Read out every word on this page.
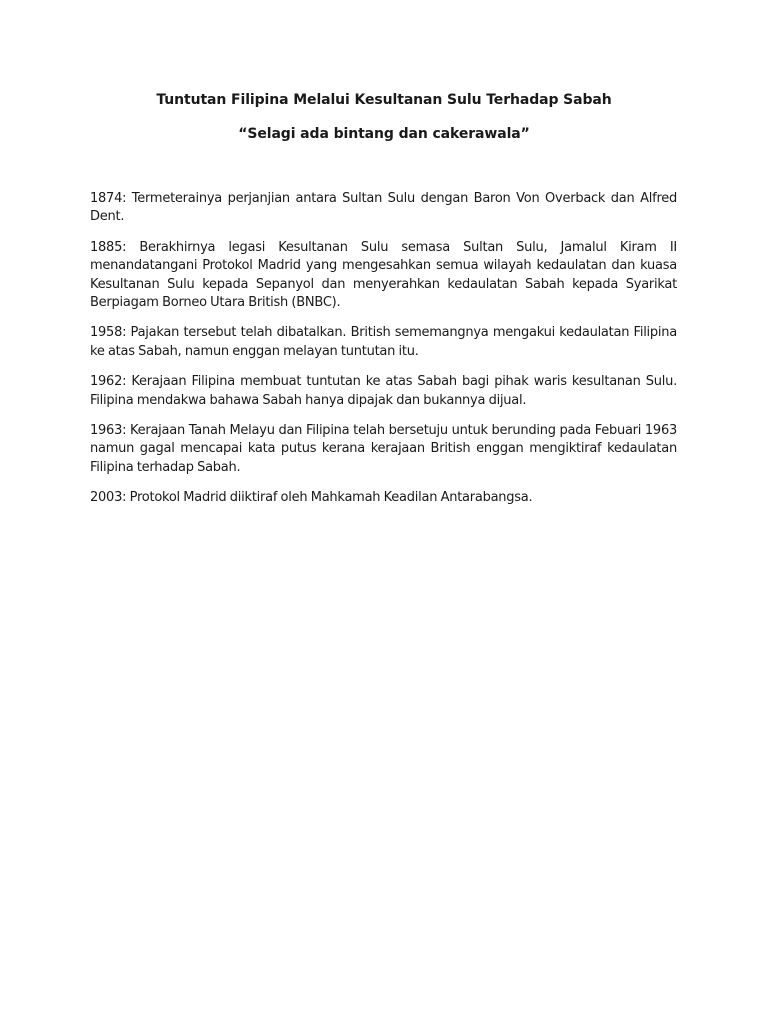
Tuntutan Filipina Melalui Kesultanan Sulu Terhadap Sabah
“Selagi ada bintang dan cakerawala”

1874: Termeterainya perjanjian antara Sultan Sulu dengan Baron Von Overback dan Alfred Dent.

1885: Berakhirnya legasi Kesultanan Sulu semasa Sultan Sulu, Jamalul Kiram II menandatangani Protokol Madrid yang mengesahkan semua wilayah kedaulatan dan kuasa Kesultanan Sulu kepada Sepanyol dan menyerahkan kedaulatan Sabah kepada Syarikat Berpiagam Borneo Utara British (BNBC).

1958: Pajakan tersebut telah dibatalkan. British sememangnya mengakui kedaulatan Filipina ke atas Sabah, namun enggan melayan tuntutan itu.

1962: Kerajaan Filipina membuat tuntutan ke atas Sabah bagi pihak waris kesultanan Sulu. Filipina mendakwa bahawa Sabah hanya dipajak dan bukannya dijual.

1963: Kerajaan Tanah Melayu dan Filipina telah bersetuju untuk berunding pada Febuari 1963 namun gagal mencapai kata putus kerana kerajaan British enggan mengiktiraf kedaulatan Filipina terhadap Sabah.

2003: Protokol Madrid diiktiraf oleh Mahkamah Keadilan Antarabangsa.
